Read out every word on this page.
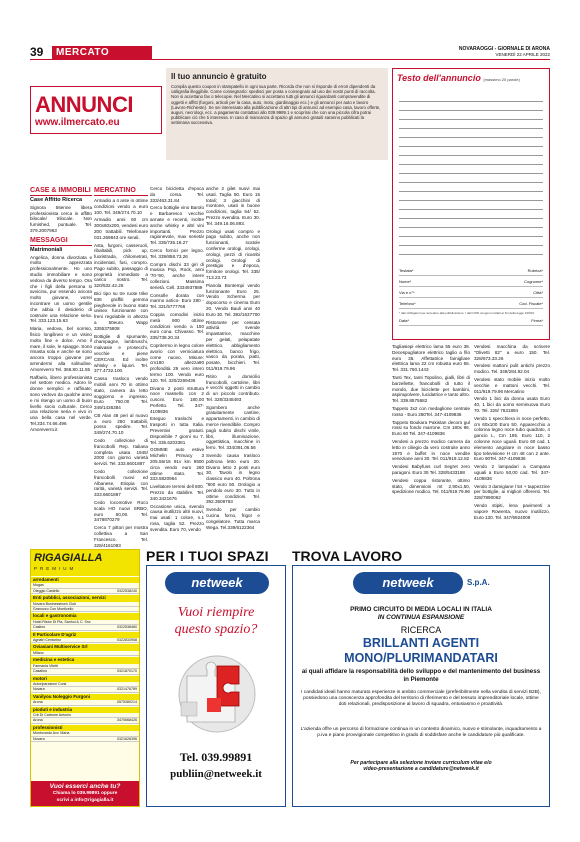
39	MERCATO	NOVARAOGGI - GIORNALE DI ARONA
VENERDÌ 22 APRILE 2022
ANNUNCI
www.ilmercato.eu
Il tuo annuncio è gratuito
Compila questo coupon in stampatello in ogni sua parte. Ricorda che non si risponde di errori dipendenti da calligrafia illeggibile. Come consegnarlo: spedisci per posta o consegnalo ad uno dei nostri punti di raccolta. Non si accettano fax o telecopie. Nel Mercatino si accettano tutti gli annunci riguardanti compravendite di oggetti e affitti (furgoni, articoli per la casa, auto, moto, giardinaggio ecc.) e gli annunci per auto e lavoro (Lavoro-Richieste). Se sei interessato alla pubblicazione di altri tipi di annunci ad esempio casa, lavoro offerte, auguri, necrologi, ecc. a pagamento contattaci allo 039.9989.1 e scoprirai che con una piccola cifra potrai pubblicare ciò che ti interessa. In caso di mancanza di spazio gli annunci gratuiti saranno pubblicati la settimana successiva.
Testo dell'annuncio (massimo 20 parole)
Testata*	Rubrica*
Nome*	Cognome*
Via e n°*	Città*
Telefono*	Cod. Fiscale*
* dati obbligatori per accedere alla pubblicazione. I dati NON vengono trattati ai fini della legge 196/03.
Data*	Firma*
CASE & IMMOBILI
Case Affitto Ricerca

Signora 56enne libera professionista cerca in affitto bilocale/ trilocale. Non furnished, puntuale. Tel. 379.2007963

MESSAGGI
Matrimoniali

Angelica, donna divorziata e molto apprezzata professionalmente. Ho uno studio immobiliare e sono vedova da diverso tempo. Ora che i figli della persona si avvicina, pur essendo ancora molto giovane, vorrei incontrare un uomo gentile che abbia il desiderio di costruire una relazione seria. Tel. 333.123.15.63

Maria, vedova, bel sorriso, fisico longilineo e un visino molto fine e dolce. Amo il mare, il sole, le spiagge. Sono rimasta sola e anche se sono ancora troppo giovane per arrendermi alla solitudine. Amoreverro Tel. 366.80.11.55

Raffaelo, libero professionista nel settore medico. Adoro le donne semplici e raffinate; sono vedovo da qualche anno e mi ritengo un uomo di buon livello socio culturale. Cerco una relazione seria e vivo in una bella casa nel verde. Tel.334.74.66.496 Amoreverro.it

MERCATINO

Armadio a 4 ante in ottime condizioni vendo a euro 100. Tel. 349/274.70.10

Armadio anni 60 cm 300x60x200, vendesi euro 200 trattabili. Telefonare 031.269843 ore serali.

Asta, furgoni, casseruoli, ribaltabili, pick up, fuoristrada, chilometrati, incidentati, fusi, compro. Pago subito, passaggio di proprietà immediato a carico nostro. Tel. 320/532.42.26

Bici tipo su tre ruote trike 836 graffiti gemma pieghevole in buono stato unisex funzionante con freni regolabile in altezza a 50euro. Wapp 3355375808

Bottiglie di spumante, champagne, lambruschi, malvasie e prosecchi, vecchie e piene CERCASI. Ed inoltre whisky e liquori. Tel. 377.4732.100.

Cassa trasloco vendo mobili anni 70 in ottimo stato, camera da letto soggiorno e ingresso. Euro 750.00 Tel. 349/1436384

CB Alan 48 peri al nuovo a euro 250 trattabili, posso spedire. Tel. 349/274.70.10

Cedo collezione di francobolli Rep. Italiana completa usata 1945/ 2000 con giorno varietà servizi. Tel. 333.6601887

Cedo collezione francobolli nuovi ed Albanese, Etiopia con rarità, varietà servizi. Tel. 333.6601887

Cedo locomotive Roco scala HO nuovi SRBO, euro 60,00. Tel. 3478870279

Cerco 7 pittori per mostra collettiva a San Francesco. Tel. 328/4161083

Cerco bicicletta d'epoca da corsa. Tel. 333/463.31.84

Cerco bottiglie vino Barolo e Barbaresco vecchie annate e recenti, inoltre anche whisky e altri vini importanti. Prezzo ragionevole, max serietà! Tel. 335/735.18.27

Cerco fornici per legno. Tel. 339/858.73.26

Compro dischi 33 giri di musica Pop, Rock, anni '70-'90, anche intere collezioni. Massima serietà. Cell. 3334937889

Consolle dorata con marmo antico- Euro 280 - Tel. 331/5777766

Coppia comodini inizio metà 900 ottime condizioni vendo a 150 euro cona. Chivasso. Tel. 335/738.20.34

Copritermo in legno colore avorio con verniciatura come nuovo. Misure: cm180 altezza90 profondità 29 vero intero termo 100. Vendo euro 120. Tel. 320/2269436

Divano 2 posti struttura noce massello con 2 cuscini. Euro 180,00 Perfetto. Tel. 347-4109836

Eseguo traslochi e trasporti in tutta Italia. Preventivi gratuiti. Disponibile 7 giorni su 7. Tel. 335.6203381

GOMME auto estive Michelin Primacy 3 205.55r16 91v km 9500 circa vendo euro 260 ottime stato. Tel. 333.5820964

Livellatore terreni dell 800. Prezzo da stabilire. Tel. 340.3421676

Occasione unica, svendo causa inutilizzo altri nuovi, mai usati: 1 colore, n.1 rosa, taglia 52. Prezzo svendita. Euro 70, vendo

anche 2 gilet nuovi mai usati. Taglia 50. Euro 15 totali; 3 giacchini di montone, usati in buone condizioni, taglia 54/ 52. Prezzo svendita. Euro 30. Tel. 349.16.06.893.

Orologi usati compro e pago subito, anche non funzionanti, scatole conferme orologi, orologi, orologi, pezzi di ricambi orologi. Orologi di prestigio e d'epoca, fornitore orologi. Tel. 335/ 713.23.73

Pianola Bontempi vendo funzionante Euro 25. Vendo Scherma per dopocorso e cinema Euro 20. Vendo Bauli anni 40 Euro 30. Tel. 392/1637700

Ristorante per cessata attività svende impastatrice, macchine per gelati, pelapatate elettrico, abbigliamento elettrico, banco frigo, vasco da porata, piatti, posate, bicchieri. Tel. 011/919.79.96

Ritiro a domicilio francobolli, cartoline, libri e vecchi oggetti in cambio di un piccolo contributo. Tel. 328/3348493

Sgombero anche gratuitamente cantine, appartamenti, in cambio di merce rivendibile. Compro pagò subito dischi vinile, libri, illuminazione, oggettistica, macchine in ferro. Tel. 334/391.06.56

Svendo causa trasloco poltrona letto euro 20. Divano letto 2 posti euro 30. Tavolo in legno classico euro 40. Poltrona "800 euro 50. Orologio a pendolo euro 30. Tutto in ottime condizioni. Tel. 392.3508763

Svendo per cambio cucina forno, frigor e congelatore. Tutta marca Wega. Tel.339/6122364

Tagliasiepi elettrico lama 55 euro 38. Decespugliatore elettrico taglio a filo euro 35. Affettatrice famigliare elettrica lama 22 cm robusta euro 55. Tel. 331.760.1443

Tanti Tex, tanti Topolino, gialli, libri di barzellette, francobolli di tutto il mondo, due biciclette per bambini, aspirapolvere, lucidatrice e tanto altro. Tel. 339.8575682

Tappeto 3x2 con medaglione centrale rosso - Euro 280Tel. 347-4109836

Tappeto Boukara Pakistan decoro gul rossi su fondo marrone. Cm 180x 96. Euro 60 Tel. 347-4109836

Vendesi a prezzo modico camera da letto in ciliegio da vero costruite anno 1970 e buffet in noce vendite veneziane anni 30. Tel. 011/919.12.82

Vendesi Babyfuss curl Segret zero paragoni. Euro 35 Tel. 328/5433188

Vendesi coppa ristorante, ottimo stato, dimensioni mt 2,90x1,50, spedizione modico. Tel. 011/919.79.96

Vendesi macchina da scrivere "Olivetti 82" a euro 150. Tel. 328/673.33.26

Vendesi mattoni pulit antichi prezzo modico. Tel. 349/284.92.04

Vendesi stato mobile inizio molto vecchie e mattoni vecchi. Tel. 011/919.79.96 Mercatino

Vendo 1 bici da donna usata Euro 40, 1 bici da uomo seminuova Euro 70. Tel. 328/ 7631894

Vendo 1 specchiera in noce perfetto, cm 60x100 Euro 50. Apparecchio a colonna legno noce tubo quadrato, 4 gancio L, Cm 185. Euro 110, 2 colonne noce uguali. Euro 60 cad. 1 elemento angolare in noce basso tipo televisione H cm 48 con 2 ante. Euro 90Tel. 347-4109836

Vendo 2 lampadari a Campana uguali a Euro 50,00 cad. Tel. 347-4109836

Vendo 3 damigiane l 54 + tappezzine per bottiglie, ai migliori offerenti. Tel. 328/7890062

Vendo stipiti, lena pavimenti a vapore Rowenta, nuovo inutilizzo. Euro 130. Tel. 347/6924009

RIGAGIALLA
PREMIUM
arredamenti
Mogas
Oleggio Castello	0322538240
Enti pubblici, associazioni, servizi
Novara Businesstown Club
Granozzo Con Monticello
locali e gastronomia
Hotel Ristor Di Pia, Sanhui & C. Snc
Castino	0322538460
Il Particolare D'agriz
Agriatri Centurino	0322833958
Oviasiani Multiservice Srl
Milano
medicina e estetica
Farmacia Vitetti
Casalino	0321870170
motori
Autoriparazioni Corsi
Novara	0321476789
Vanilyou Noleggio Furgoni
Arona	0575380214
pioduti e industria
Crb Di Carbone Antonio
Arona	3470668426
professionisti
Montovardo Avv. Maria
Novara	0321626396
Vuoi esserci anche tu?
Chiama lo 039.99891 oppure
scrivi a info@rigagialla.it
PER I TUOI SPAZI
netweek
Vuoi riempire
questo spazio?
Tel. 039.99891
publiin@netweek.it
TROVA LAVORO
netweek	S.p.A.
PRIMO CIRCUITO DI MEDIA LOCALI IN ITALIA
IN CONTINUA ESPANSIONE
RICERCA
BRILLANTI AGENTI
MONO/PLURIMANDATARI
ai quali affidare la responsabilità dello sviluppo e del mantenimento del business in Piemonte
I candidati ideali hanno maturato esperienze in ambito commerciale (preferibilmente nella vendita di servizi B2B), possiedono una conoscenza approfondita del territorio di riferimento e del tessuto imprenditoriale locale, ottime doti relazionali, predisposizione al lavoro di squadra, entusiasmo e proattività.
L'azienda offre un percorso di formazione continua in un contesto dinamico, nuovo e stimolante, inquadramento a p.iva e piano provvigionale competitivo in grado di soddisfare anche le candidature più qualificate.
Per partecipare alla selezione inviare curriculum vitae e/o
video-presentazione a candidature@netweek.it
